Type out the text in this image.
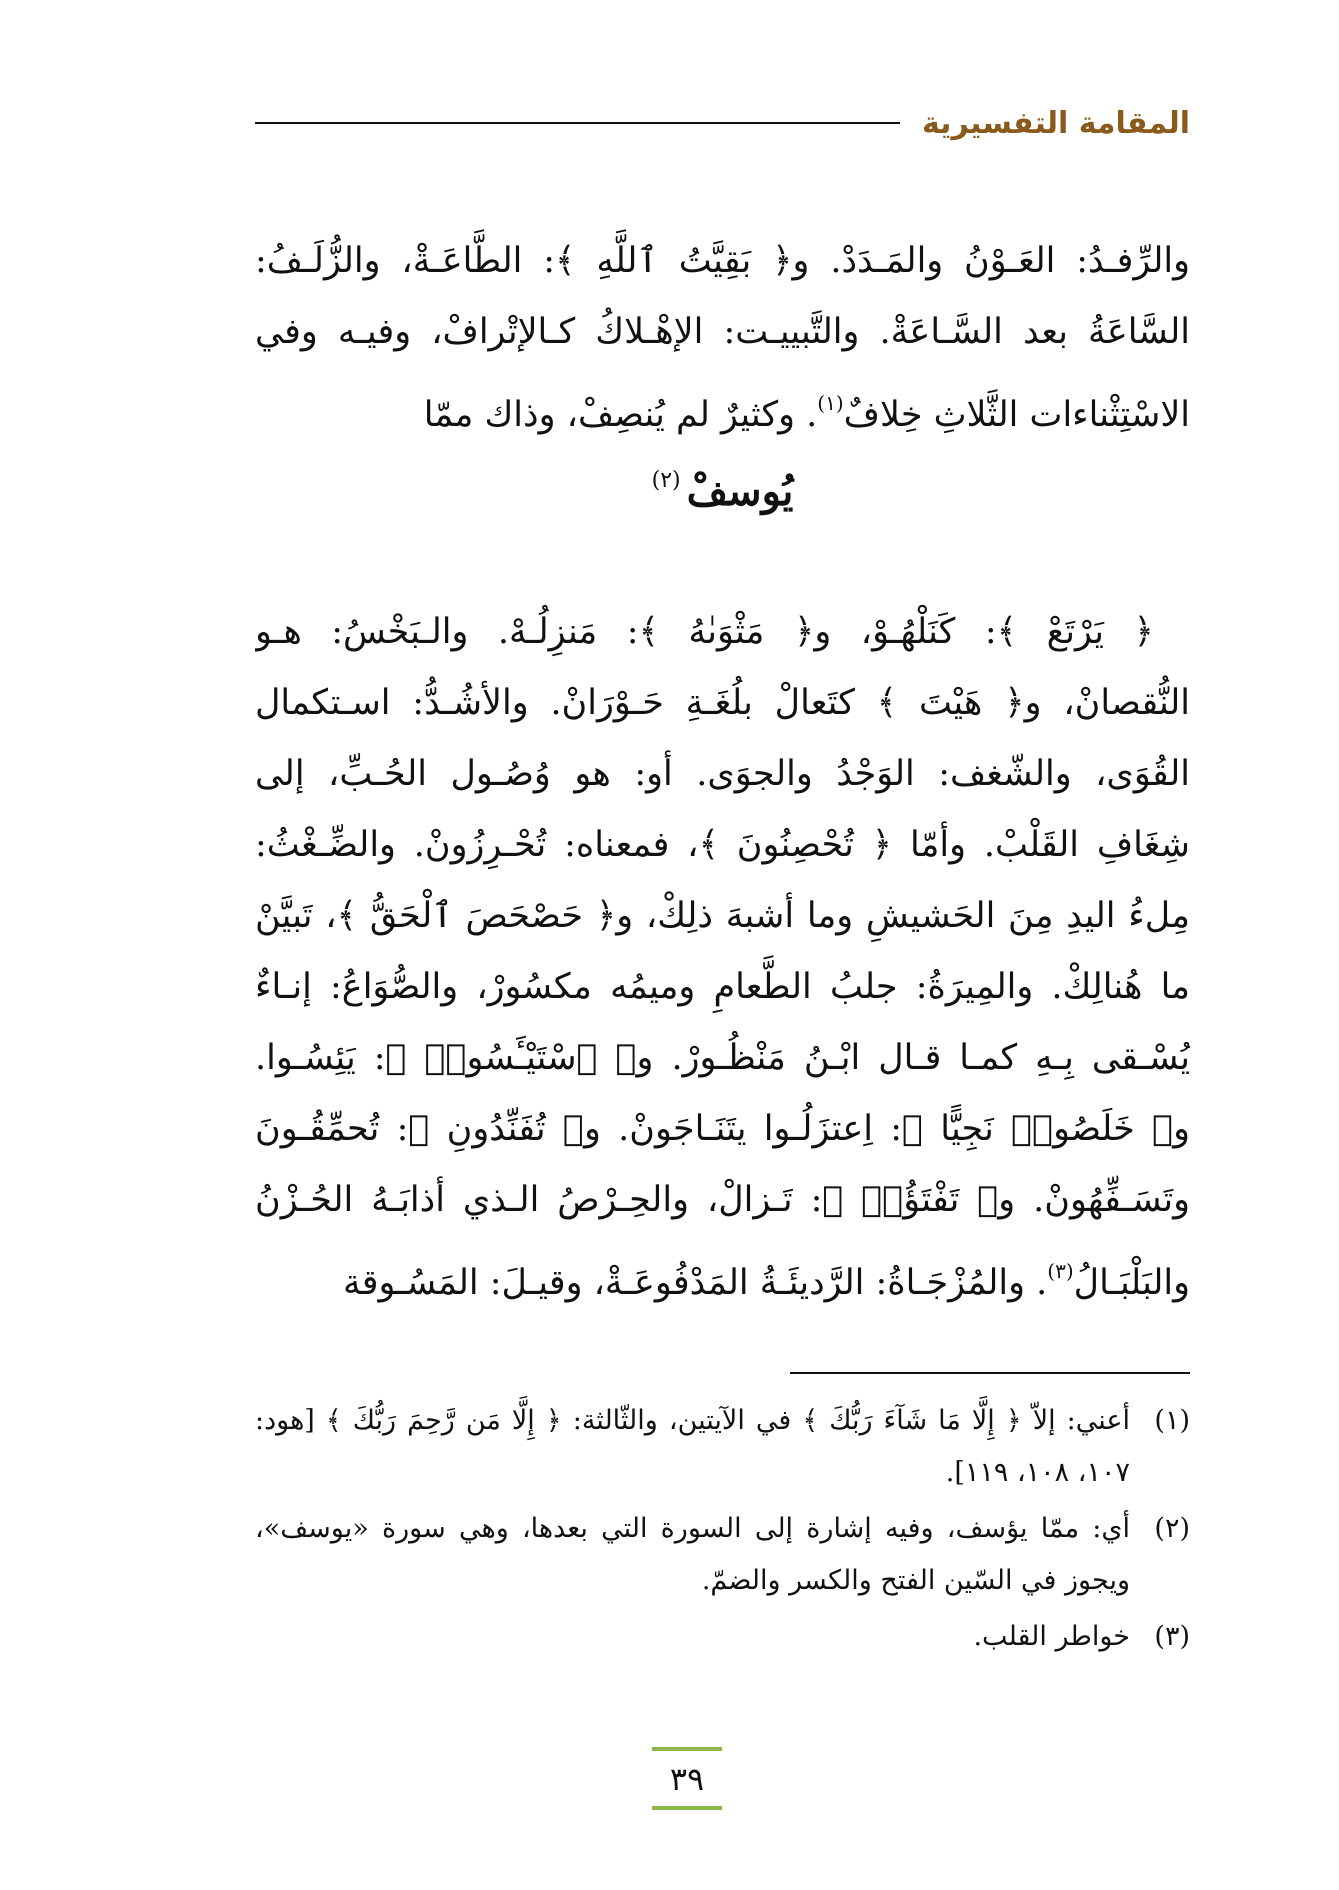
المقامة التفسيرية
والرِّفـدُ: العَـوْنُ والمَـدَدْ. و﴿ بَقِيَّتُ ٱللَّهِ ﴾: الطَّاعَـةْ، والزُّلَـفُ: السَّاعَةُ بعد السَّـاعَةْ. والتَّبييـت: الإهْـلاكُ كـالإتْرافْ، وفيـه وفي الاسْتِثْناءات الثَّلاثِ خِلافٌ$^{(١)}$. وكثيرٌ لم يُنصِفْ، وذاك ممّا
يُوسفْ$^{(٢)}$
﴿ يَرْتَعْ ﴾: كَنَلْهُـوْ، و﴿ مَثْوَىٰهُ ﴾: مَنزِلُـهْ. والـبَخْسُ: هـو
النُّقصانْ، و﴿ هَيْتَ ﴾ كتَعالْ بلُغَـةِ حَـوْرَانْ. والأشُـدُّ: اسـتكمال
القُوَى، والشّغف: الوَجْدُ والجوَى. أو: هو وُصُـول الحُـبِّ، إلى
شِغَافِ القَلْبْ. وأمّا ﴿ تُحْصِنُونَ ﴾، فمعناه: تُحْـرِزُونْ. والضِّـغْثُ:
مِلءُ اليدِ مِنَ الحَشيشِ وما أشبهَ ذلِكْ، و﴿ حَصْحَصَ ٱلْحَقُّ ﴾، تَبيَّنْ
ما هُنالِكْ. والمِيرَةُ: جلبُ الطَّعامِ وميمُه مكسُورْ، والصُّوَاعُ: إنـاءٌ
يُسْـقى بِـهِ كمـا قـال ابْـنُ مَنْظُـورْ. و﴿ ٱسْتَيْـَٔسُوا۟ ﴾: يَئِسُـوا.
و﴿ خَلَصُوا۟ نَجِيًّا ﴾: اِعتزَلُـوا يتَنَـاجَونْ. و﴿ تُفَنِّدُونِ ﴾: تُحمِّقُـونَ
وتَسَـفِّهُونْ. و﴿ تَفْتَؤُا۟ ﴾: تَـزالْ، والحِـرْصُ الـذي أذابَـهُ الحُـزْنُ
والبَلْبَـالُ$^{(٣)}$. والمُزْجَـاةُ: الرَّديئَـةُ المَدْفُوعَـةْ، وقيـلَ: المَسُـوقة
(١)
أعني: إلاّ ﴿ إِلَّا مَا شَآءَ رَبُّكَ ﴾ في الآيتين، والثّالثة: ﴿ إِلَّا مَن رَّحِمَ رَبُّكَ ﴾ [هود: ١٠٧، ١٠٨، ١١٩].
(٢)
أي: ممّا يؤسف، وفيه إشارة إلى السورة التي بعدها، وهي سورة «يوسف»، ويجوز في السّين الفتح والكسر والضمّ.
(٣)
خواطر القلب.
٣٩
